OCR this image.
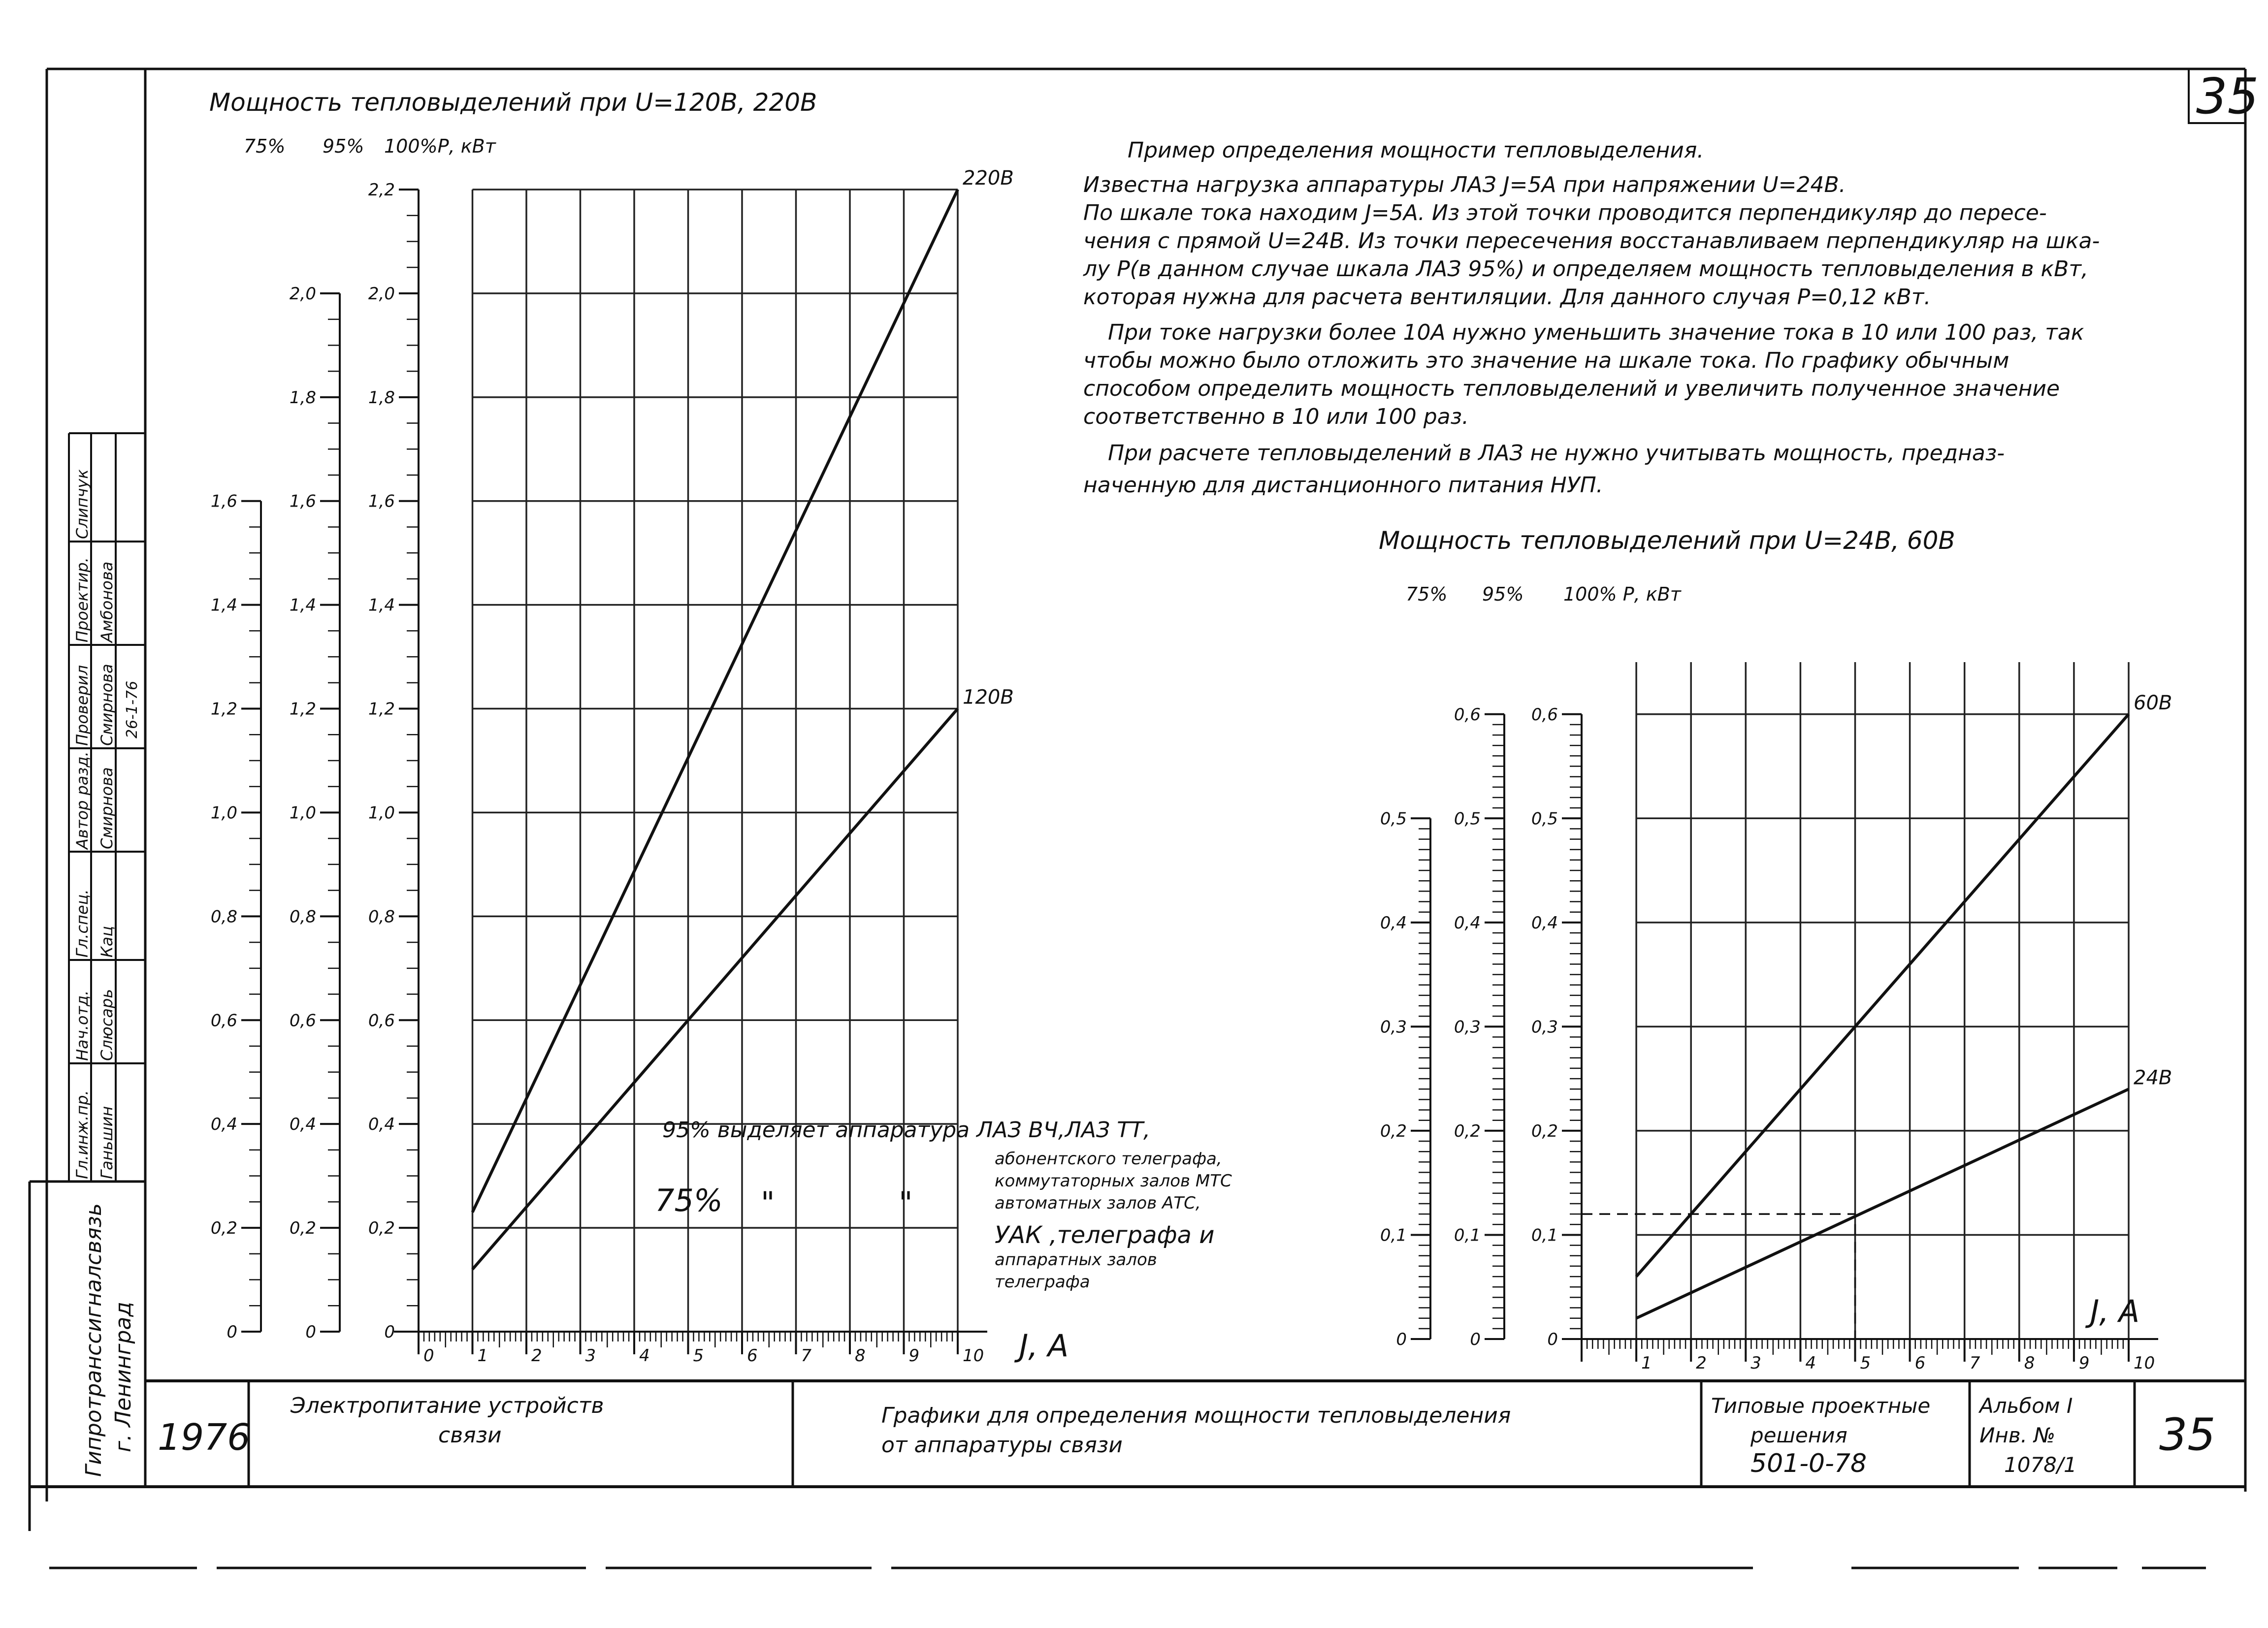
0	1	2	3	4	5	6	7	8	9	10
0
0,2
0,4
0,6
0,8
1,0
1,2
1,4
1,6
0
0,2
0,4
0,6
0,8
1,0
1,2
1,4
1,6
1,8
2,0
0
0,2
0,4
0,6
0,8
1,0
1,2
1,4
1,6
1,8
2,0
2,2
220В
120В
1	2	3	4	5	6	7	8	9	10
0
0,1
0,2
0,3
0,4
0,5
0
0,1
0,2
0,3
0,4
0,5
0,6
0
0,1
0,2
0,3
0,4
0,5
0,6
60В
24В
35
Мощность тепловыделений при U=120В, 220В
75% 95% 100%Р, кВт
J, A
95% выделяет аппаратура ЛАЗ ВЧ,ЛАЗ ТТ,
75% "	"
абонентского телеграфа,
коммутаторных залов МТС
автоматных залов АТС,
УАК ,телеграфа и
аппаратных залов
телеграфа
Мощность тепловыделений при U=24В, 60В
75% 95% 100% Р, кВт
J, A
Пример определения мощности тепловыделения.
Известна нагрузка аппаратуры ЛАЗ J=5А при напряжении U=24В.
По шкале тока находим J=5А. Из этой точки проводится перпендикуляр до пересе-
чения с прямой U=24В. Из точки пересечения восстанавливаем перпендикуляр на шка-
лу Р(в данном случае шкала ЛАЗ 95%) и определяем мощность тепловыделения в кВт,
которая нужна для расчета вентиляции. Для данного случая Р=0,12 кВт.
При токе нагрузки более 10А нужно уменьшить значение тока в 10 или 100 раз, так
чтобы можно было отложить это значение на шкале тока. По графику обычным
способом определить мощность тепловыделений и увеличить полученное значение
соответственно в 10 или 100 раз.
При расчете тепловыделений в ЛАЗ не нужно учитывать мощность, предназ-
наченную для дистанционного питания НУП.
1976
Электропитание устройств
связи
Графики для определения мощности тепловыделения
от аппаратуры связи
Типовые проектные
решения
501-0-78
Альбом I
Инв. №
1078/1
35
Гипротранссигналсвязь г. Ленинград
Гл.инж.пр. Ганьшин
Нач.отд. Слюсарь
Гл.спец. Кац
Автор разд. Смирнова
Проверил Смирнова 26-1-76
Проектир. Амбонова
Слипчук
